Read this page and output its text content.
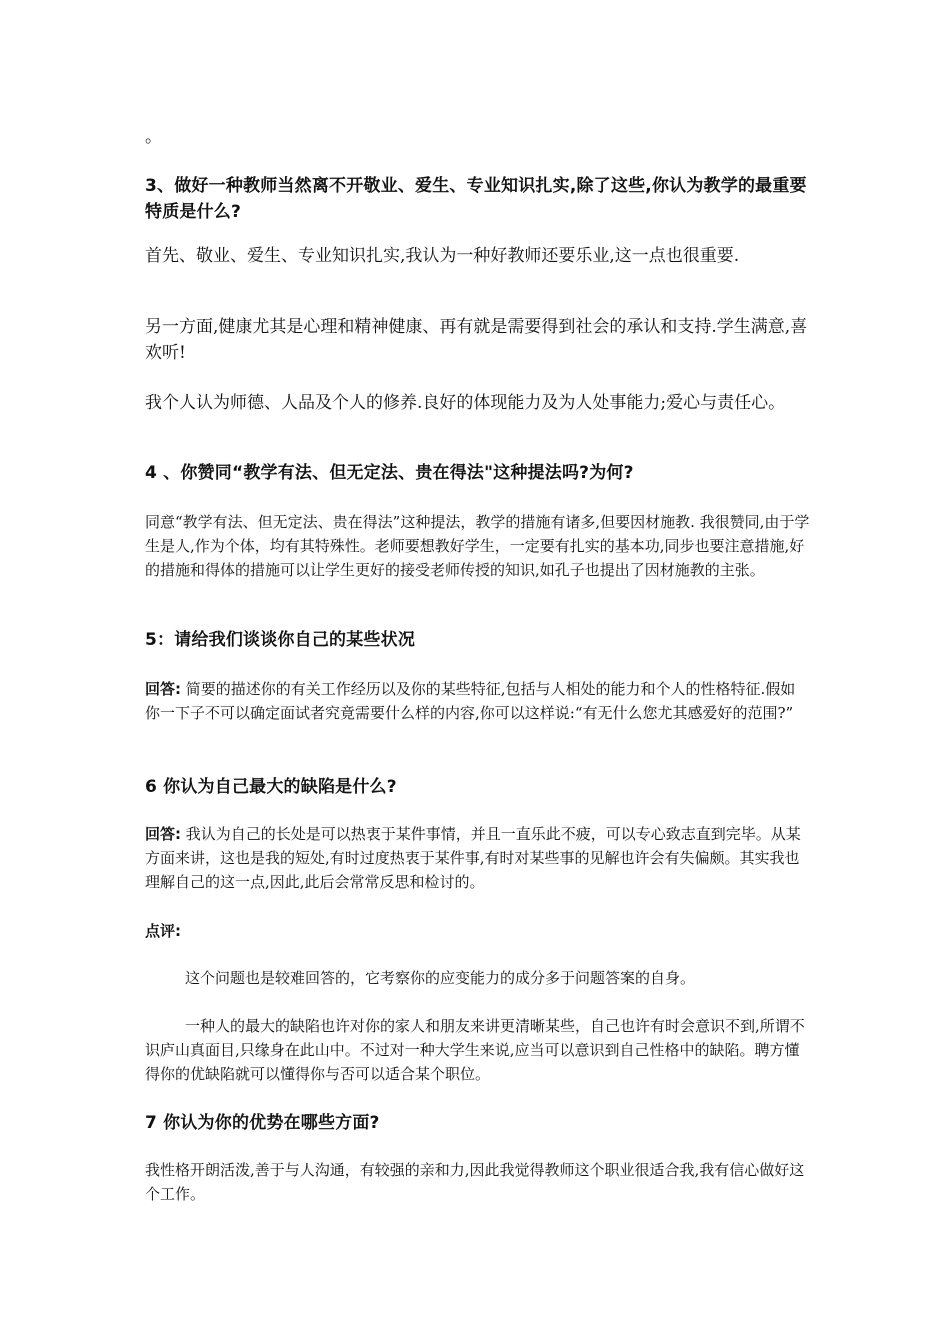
。

3、做好一种教师当然离不开敬业、爱生、专业知识扎实,除了这些,你认为教学的最重要特质是什么?

首先、敬业、爱生、专业知识扎实,我认为一种好教师还要乐业,这一点也很重要.

另一方面,健康尤其是心理和精神健康、再有就是需要得到社会的承认和支持.学生满意,喜欢听!

我个人认为师德、人品及个人的修养.良好的体现能力及为人处事能力;爱心与责任心。

4 、你赞同“教学有法、但无定法、贵在得法"这种提法吗?为何?

同意“教学有法、但无定法、贵在得法”这种提法，教学的措施有诸多,但要因材施教. 我很赞同,由于学生是人,作为个体，均有其特殊性。老师要想教好学生，一定要有扎实的基本功,同步也要注意措施,好的措施和得体的措施可以让学生更好的接受老师传授的知识,如孔子也提出了因材施教的主张。

5：请给我们谈谈你自己的某些状况

回答: 简要的描述你的有关工作经历以及你的某些特征,包括与人相处的能力和个人的性格特征.假如你一下子不可以确定面试者究竟需要什么样的内容,你可以这样说:“有无什么您尤其感爱好的范围?”

6 你认为自己最大的缺陷是什么?

回答: 我认为自己的长处是可以热衷于某件事情，并且一直乐此不疲，可以专心致志直到完毕。从某方面来讲，这也是我的短处,有时过度热衷于某件事,有时对某些事的见解也许会有失偏颇。其实我也理解自己的这一点,因此,此后会常常反思和检讨的。

点评:

这个问题也是较难回答的，它考察你的应变能力的成分多于问题答案的自身。

一种人的最大的缺陷也许对你的家人和朋友来讲更清晰某些，自己也许有时会意识不到,所谓不识庐山真面目,只缘身在此山中。不过对一种大学生来说,应当可以意识到自己性格中的缺陷。聘方懂得你的优缺陷就可以懂得你与否可以适合某个职位。

7 你认为你的优势在哪些方面?

我性格开朗活泼,善于与人沟通，有较强的亲和力,因此我觉得教师这个职业很适合我,我有信心做好这个工作。
